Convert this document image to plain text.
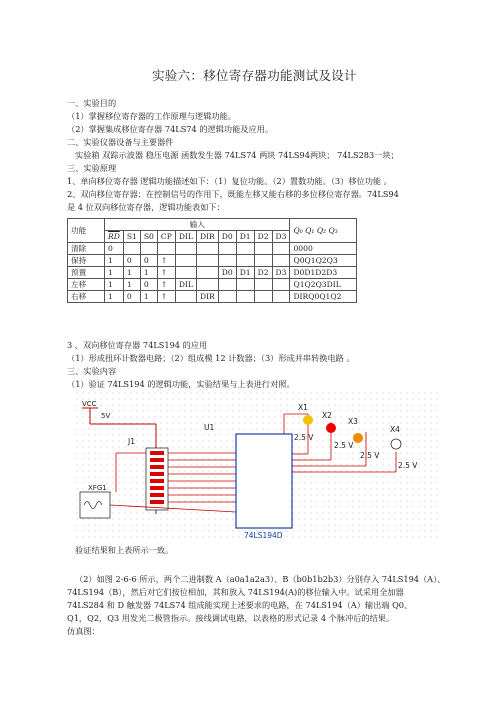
实验六：移位寄存器功能测试及设计
一、实验目的
（1）掌握移位寄存器的工作原理与逻辑功能。
（2）掌握集成移位寄存器 74LS74 的逻辑功能及应用。
二、实验仪器设备与主要器件
实验箱 双踪示波器 稳压电源 函数发生器 74LS74 两块 74LS94两块； 74LS283一块；
三、实验原理
1、单向移位寄存器 逻辑功能描述如下：（1）复位功能。（2）置数功能。（3）移位功能 。
2、双向移位寄存器：在控制信号的作用下，既能左移又能右移的多位移位寄存器。74LS94
是 4 位双向移位寄存器，逻辑功能表如下：
功能	输入										Q₀ Q₁ Q₂ Q₃
	$\overline{RD}$	S1	S0	CP	DIL	DIR	D0	D1	D2	D3	
清除	0										0000
保持	1	0	0	↑							Q0Q1Q2Q3
预置	1	1	1	↑			D0	D1	D2	D3	D0D1D2D3
左移	1	1	0	↑	DIL						Q1Q2Q3DIL
右移	1	0	1	↑		DIR					DIRQ0Q1Q2
3 、双向移位寄存器 74LS194 的应用
（1）形成扭环计数器电路；（2）组成模 12 计数器；（3）形成并串转换电路 。
三、实验内容
（1）验证 74LS194 的逻辑功能，实验结果与上表进行对照。
VCC
5V
J1
XFG1
U1
74LS194D
X1
2.5 V
X2
2.5 V
X3
2.5 V
X4
2.5 V
验证结果和上表所示一致。
（2）如图 2-6-6 所示，两个二进制数 A（a0a1a2a3）、B（b0b1b2b3）分别存入 74LS194（A）、
74LS194（B），然后对它们按位相加，其和放入 74LS194(A)的移位输入中。试采用全加器
74LS284 和 D 触发器 74LS74 组成能实现上述要求的电路，在 74LS194（A）输出端 Q0、
Q1，Q2，Q3 用发光二极管指示。接线调试电路，以表格的形式记录 4 个脉冲后的结果。
仿真图：
